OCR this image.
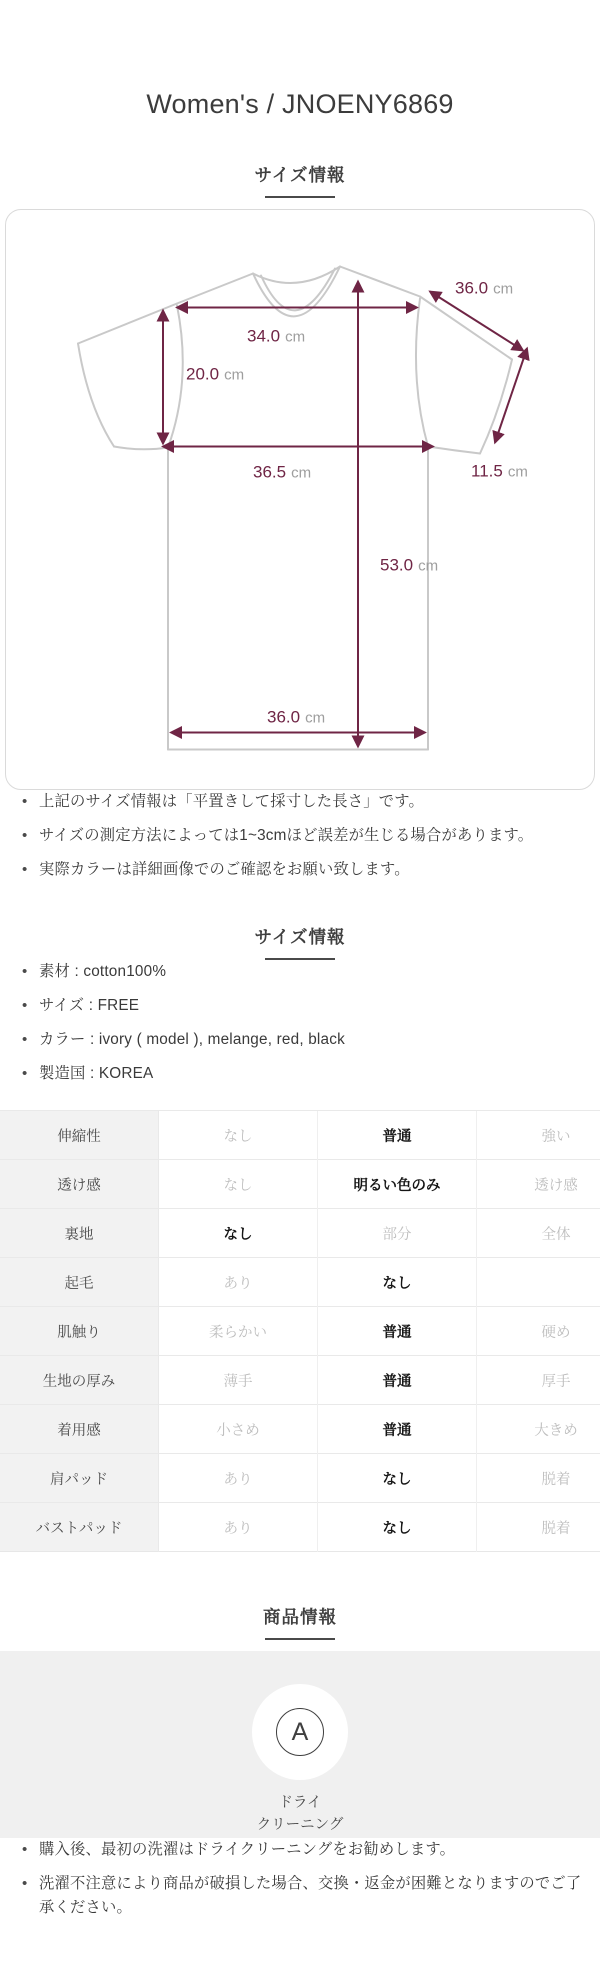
Women's / JNOENY6869
サイズ情報
36.0 cm
34.0 cm
20.0 cm
36.5 cm	11.5 cm
53.0 cm
36.0 cm
• 上記のサイズ情報は「平置きして採寸した長さ」です。
• サイズの測定方法によっては1~3cmほど誤差が生じる場合があります。
• 実際カラーは詳細画像でのご確認をお願い致します。
サイズ情報
• 素材 : cotton100%
• サイズ : FREE
• カラー : ivory ( model ), melange, red, black
• 製造国 : KOREA
伸縮性	なし	普通	強い
透け感	なし	明るい色のみ	透け感
裏地	なし	部分	全体
起毛	あり	なし	
肌触り	柔らかい	普通	硬め
生地の厚み	薄手	普通	厚手
着用感	小さめ	普通	大きめ
肩パッド	あり	なし	脱着
バストパッド	あり	なし	脱着
商品情報
A
ドライ
クリーニング
• 購入後、最初の洗濯はドライクリーニングをお勧めします。
• 洗濯不注意により商品が破損した場合、交換・返金が困難となりますのでご了承ください。
